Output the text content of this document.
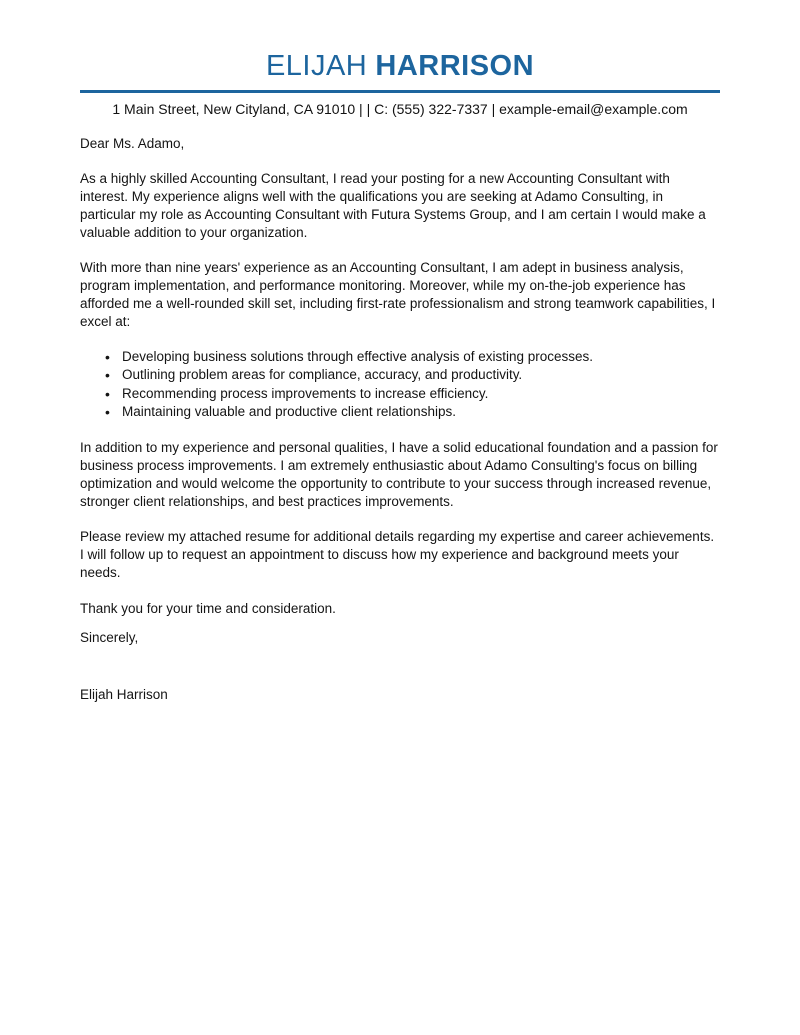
ELIJAH HARRISON
1 Main Street, New Cityland, CA 91010 | | C: (555) 322-7337 | example-email@example.com
Dear Ms. Adamo,

As a highly skilled Accounting Consultant, I read your posting for a new Accounting Consultant with interest. My experience aligns well with the qualifications you are seeking at Adamo Consulting, in particular my role as Accounting Consultant with Futura Systems Group, and I am certain I would make a valuable addition to your organization.

With more than nine years' experience as an Accounting Consultant, I am adept in business analysis, program implementation, and performance monitoring. Moreover, while my on-the-job experience has afforded me a well-rounded skill set, including first-rate professionalism and strong teamwork capabilities, I excel at:

• Developing business solutions through effective analysis of existing processes.
• Outlining problem areas for compliance, accuracy, and productivity.
• Recommending process improvements to increase efficiency.
• Maintaining valuable and productive client relationships.

In addition to my experience and personal qualities, I have a solid educational foundation and a passion for business process improvements. I am extremely enthusiastic about Adamo Consulting's focus on billing optimization and would welcome the opportunity to contribute to your success through increased revenue, stronger client relationships, and best practices improvements.

Please review my attached resume for additional details regarding my expertise and career achievements. I will follow up to request an appointment to discuss how my experience and background meets your needs.

Thank you for your time and consideration.

Sincerely,

Elijah Harrison
